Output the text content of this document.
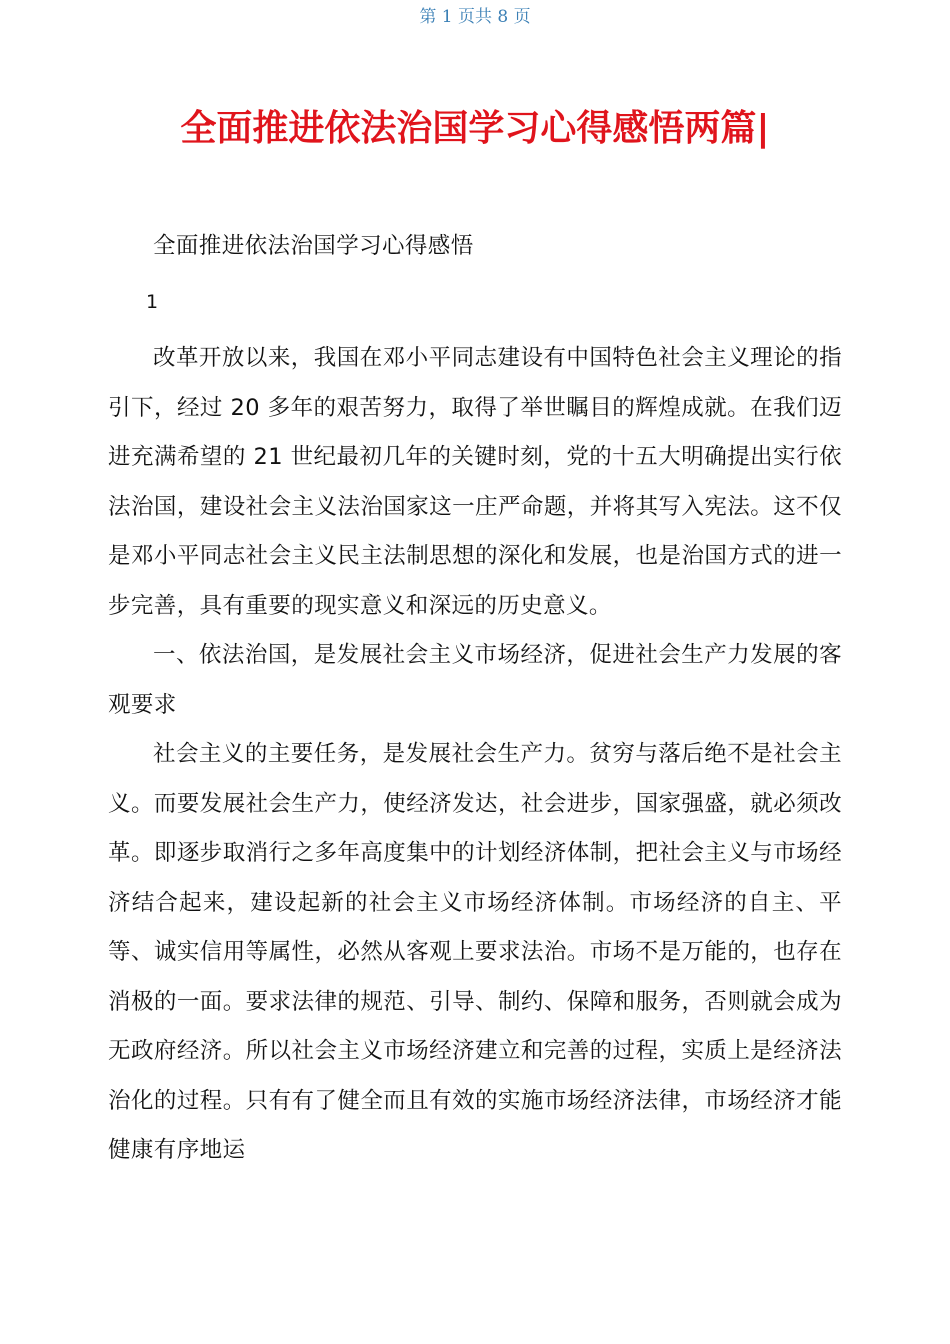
第 1 页共 8 页
全面推进依法治国学习心得感悟两篇|

全面推进依法治国学习心得感悟

1

改革开放以来，我国在邓小平同志建设有中国特色社会主义理论的指引下，经过 20 多年的艰苦努力，取得了举世瞩目的辉煌成就。在我们迈进充满希望的 21 世纪最初几年的关键时刻，党的十五大明确提出实行依法治国，建设社会主义法治国家这一庄严命题，并将其写入宪法。这不仅是邓小平同志社会主义民主法制思想的深化和发展，也是治国方式的进一步完善，具有重要的现实意义和深远的历史意义。

一、依法治国，是发展社会主义市场经济，促进社会生产力发展的客观要求

社会主义的主要任务，是发展社会生产力。贫穷与落后绝不是社会主义。而要发展社会生产力，使经济发达，社会进步，国家强盛，就必须改革。即逐步取消行之多年高度集中的计划经济体制，把社会主义与市场经济结合起来，建设起新的社会主义市场经济体制。市场经济的自主、平等、诚实信用等属性，必然从客观上要求法治。市场不是万能的，也存在消极的一面。要求法律的规范、引导、制约、保障和服务，否则就会成为无政府经济。所以社会主义市场经济建立和完善的过程，实质上是经济法治化的过程。只有有了健全而且有效的实施市场经济法律，市场经济才能健康有序地运
